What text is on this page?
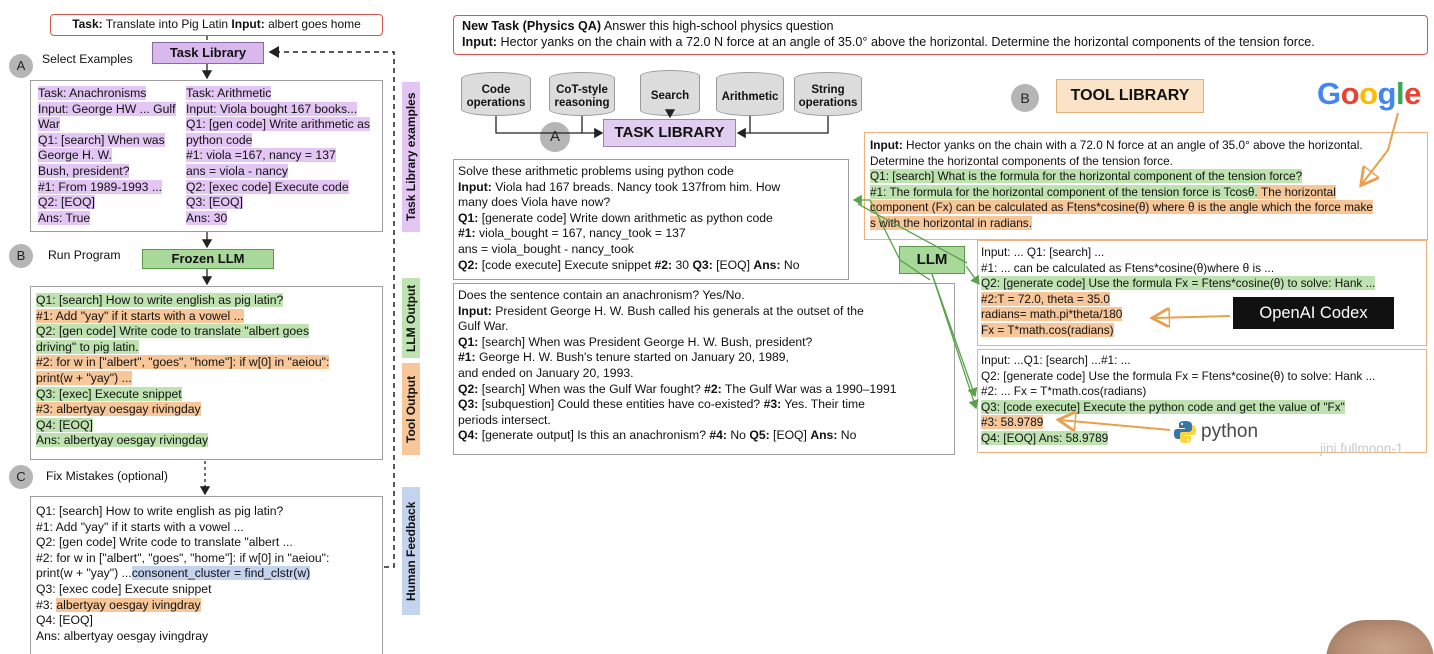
Task: Translate into Pig Latin Input: albert goes home
A	Select Examples	Task Library
Task: Anachronisms
Input: George HW ... Gulf
War
Q1: [search] When was
George H. W.
Bush, president?
#1: From 1989-1993 ...
Q2: [EOQ]
Ans: True
Task: Arithmetic
Input: Viola bought 167 books...
Q1: [gen code] Write arithmetic as
python code
#1: viola =167, nancy = 137
ans = viola - nancy
Q2: [exec code] Execute code
Q3: [EOQ]
Ans: 30
B	Run Program	Frozen LLM
Q1: [search] How to write english as pig latin?
#1: Add "yay" if it starts with a vowel ...
Q2: [gen code] Write code to translate "albert goes
driving" to pig latin.
#2: for w in ["albert", "goes", "home"]: if w[0] in "aeiou":
print(w + "yay") ...
Q3: [exec] Execute snippet
#3: albertyay oesgay rivingday
Q4: [EOQ]
Ans: albertyay oesgay rivingday
C	Fix Mistakes (optional)
Q1: [search] How to write english as pig latin?
#1: Add "yay" if it starts with a vowel ...
Q2: [gen code] Write code to translate "albert ...
#2: for w in ["albert", "goes", "home"]: if w[0] in "aeiou":
print(w + "yay") ...consonent_cluster = find_clstr(w)
Q3: [exec code] Execute snippet
#3: albertyay oesgay ivingdray
Q4: [EOQ]
Ans: albertyay oesgay ivingdray
Task Library examples
LLM Output
Tool Output
Human Feedback
New Task (Physics QA) Answer this high-school physics question
Input: Hector yanks on the chain with a 72.0 N force at an angle of 35.0° above the horizontal. Determine the horizontal components of the tension force.
Code operations
CoT-style reasoning
Search	Arithmetic
String operations
A	TASK LIBRARY
B	TOOL LIBRARY	Google
Solve these arithmetic problems using python code
Input: Viola had 167 breads. Nancy took 137from him. How
many does Viola have now?
Q1: [generate code] Write down arithmetic as python code
#1: viola_bought = 167, nancy_took = 137
ans = viola_bought - nancy_took
Q2: [code execute] Execute snippet #2: 30 Q3: [EOQ] Ans: No
Does the sentence contain an anachronism? Yes/No.
Input: President George H. W. Bush called his generals at the outset of the
Gulf War.
Q1: [search] When was President George H. W. Bush, president?
#1: George H. W. Bush's tenure started on January 20, 1989,
and ended on January 20, 1993.
Q2: [search] When was the Gulf War fought? #2: The Gulf War was a 1990–1991
Q3: [subquestion] Could these entities have co-existed? #3: Yes. Their time
periods intersect.
Q4: [generate output] Is this an anachronism? #4: No Q5: [EOQ] Ans: No
LLM
Input: Hector yanks on the chain with a 72.0 N force at an angle of 35.0° above the horizontal.
Determine the horizontal components of the tension force.
Q1: [search] What is the formula for the horizontal component of the tension force?
#1: The formula for the horizontal component of the tension force is Tcosθ. The horizontal
component (Fx) can be calculated as Ftens*cosine(θ) where θ is the angle which the force make
s with the horizontal in radians.
Input: ... Q1: [search] ...
#1: ... can be calculated as Ftens*cosine(θ)where θ is ...
Q2: [generate code] Use the formula Fx = Ftens*cosine(θ) to solve: Hank ...
#2:T = 72.0, theta = 35.0
radians= math.pi*theta/180
Fx = T*math.cos(radians)
OpenAI Codex
Input: ...Q1: [search] ...#1: ...
Q2: [generate code] Use the formula Fx = Ftens*cosine(θ) to solve: Hank ...
#2: ... Fx = T*math.cos(radians)
Q3: [code execute] Execute the python code and get the value of "Fx"
#3: 58.9789
Q4: [EOQ] Ans: 58.9789	python
jini.fullmoon-1
